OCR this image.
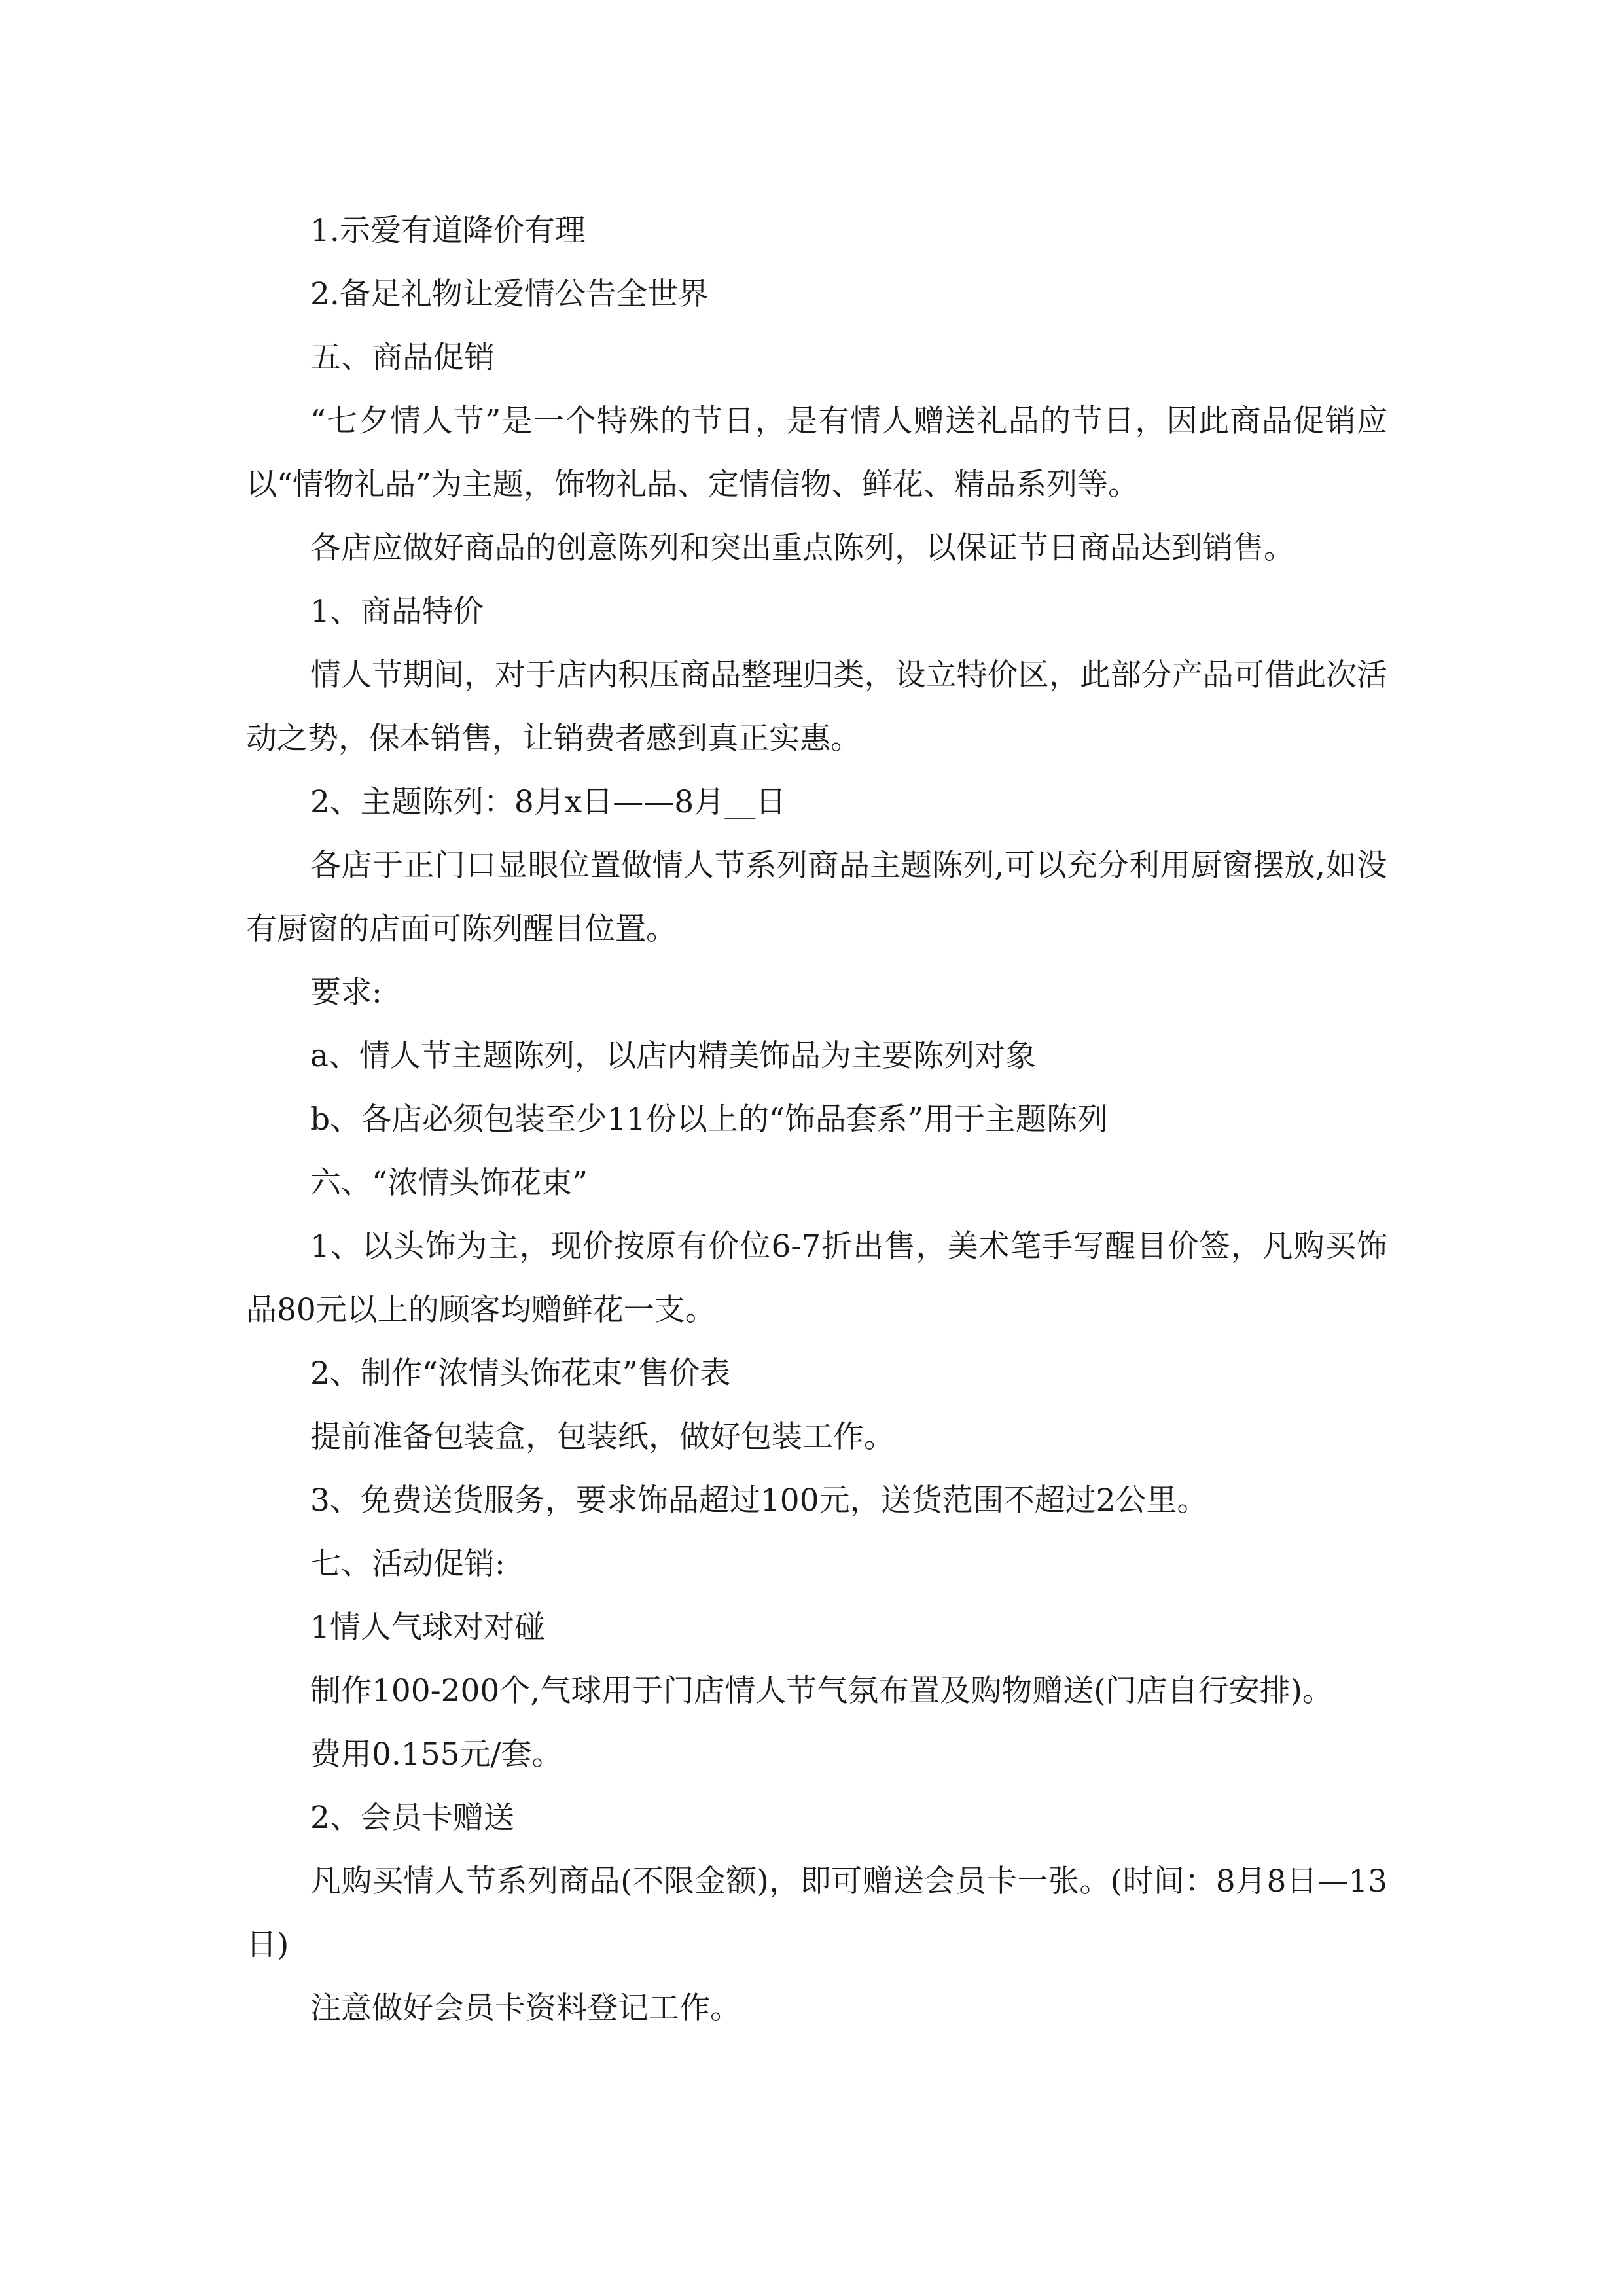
1.示爱有道降价有理

2.备足礼物让爱情公告全世界

五、商品促销

“七夕情人节”是一个特殊的节日，是有情人赠送礼品的节日，因此商品促销应以“情物礼品”为主题，饰物礼品、定情信物、鲜花、精品系列等。

各店应做好商品的创意陈列和突出重点陈列，以保证节日商品达到销售。

1、商品特价

情人节期间，对于店内积压商品整理归类，设立特价区，此部分产品可借此次活动之势，保本销售，让销费者感到真正实惠。

2、主题陈列：8月x日——8月__日

各店于正门口显眼位置做情人节系列商品主题陈列,可以充分利用厨窗摆放,如没有厨窗的店面可陈列醒目位置。

要求:

a、情人节主题陈列，以店内精美饰品为主要陈列对象

b、各店必须包装至少11份以上的“饰品套系”用于主题陈列

六、“浓情头饰花束”

1、以头饰为主，现价按原有价位6-7折出售，美术笔手写醒目价签，凡购买饰品80元以上的顾客均赠鲜花一支。

2、制作“浓情头饰花束”售价表

提前准备包装盒，包装纸，做好包装工作。

3、免费送货服务，要求饰品超过100元，送货范围不超过2公里。

七、活动促销:

1情人气球对对碰

制作100-200个,气球用于门店情人节气氛布置及购物赠送(门店自行安排)。

费用0.155元/套。

2、会员卡赠送

凡购买情人节系列商品(不限金额)，即可赠送会员卡一张。(时间：8月8日—13日)

注意做好会员卡资料登记工作。
